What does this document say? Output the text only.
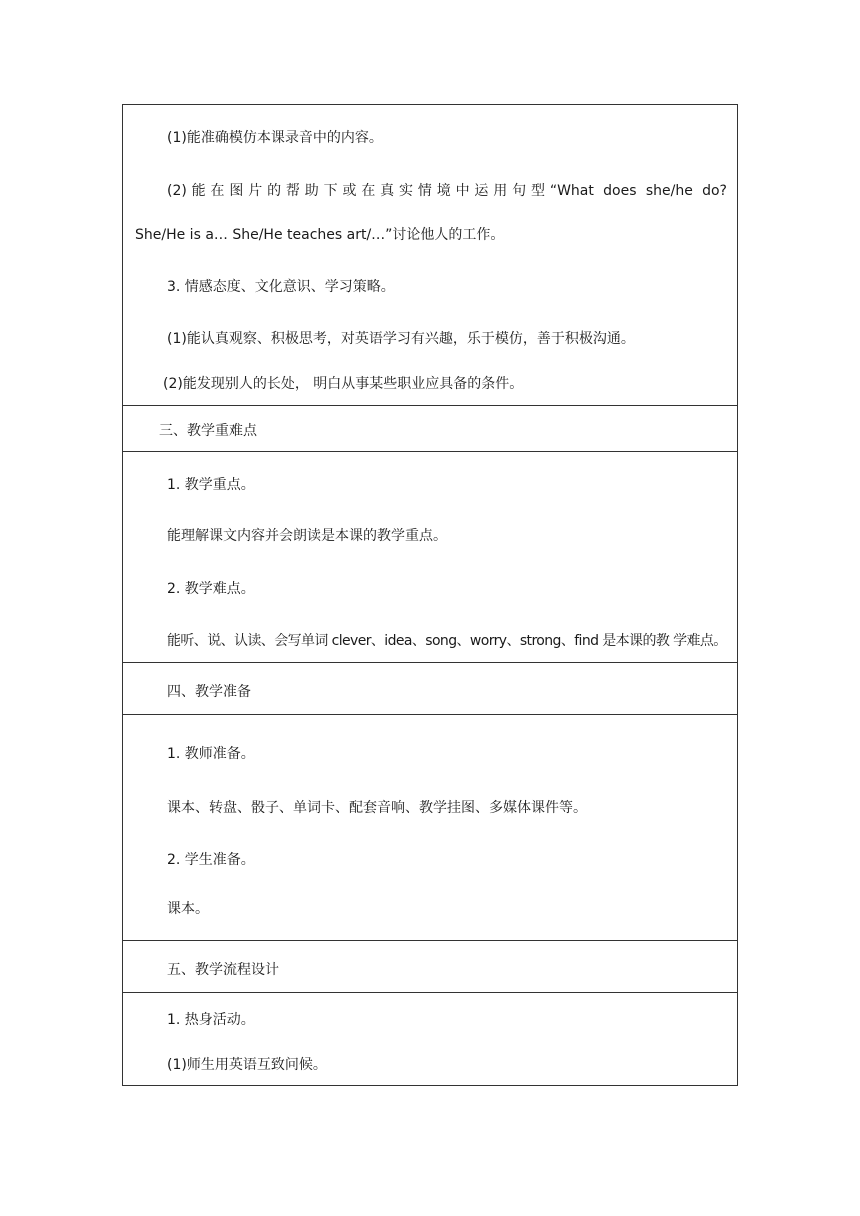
(1)能准确模仿本课录音中的内容。
(2)能在图片的帮助下或在真实情境中运用句型“What does she/he do?
She/He is a… She/He teaches art/…”讨论他人的工作。
3. 情感态度、文化意识、学习策略。
(1)能认真观察、积极思考，对英语学习有兴趣，乐于模仿，善于积极沟通。
(2)能发现别人的长处， 明白从事某些职业应具备的条件。
三、教学重难点
1. 教学重点。
能理解课文内容并会朗读是本课的教学重点。
2. 教学难点。
能听、说、认读、会写单词 clever、idea、song、worry、strong、find 是本课的教 学难点。
四、教学准备
1. 教师准备。
课本、转盘、骰子、单词卡、配套音响、教学挂图、多媒体课件等。
2. 学生准备。
课本。
五、教学流程设计
1. 热身活动。
(1)师生用英语互致问候。
